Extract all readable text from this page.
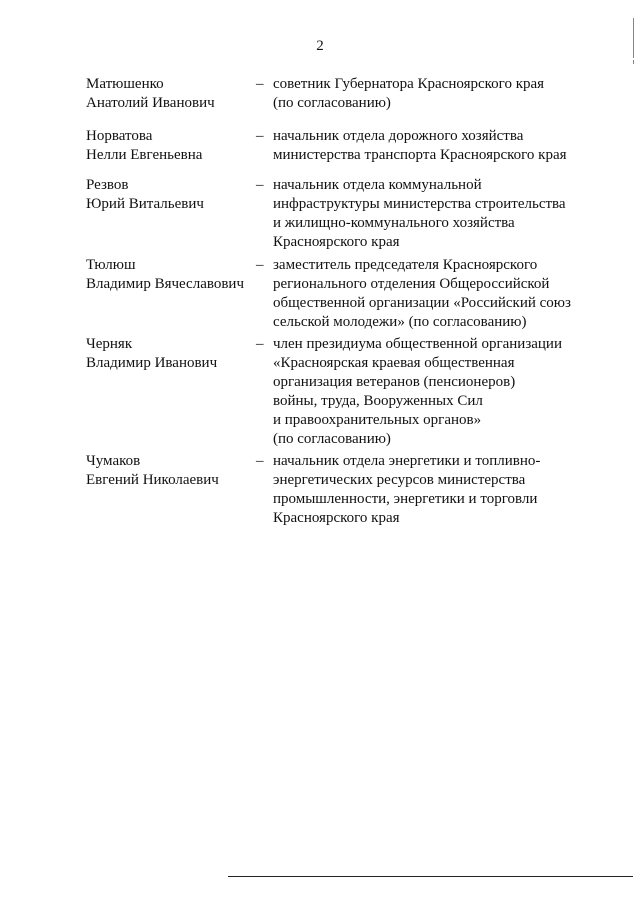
2
Матюшенко
Анатолий Иванович
– советник Губернатора Красноярского края
(по согласованию)
Норватова
Нелли Евгеньевна
– начальник отдела дорожного хозяйства
министерства транспорта Красноярского края
Резвов
Юрий Витальевич
– начальник отдела коммунальной
инфраструктуры министерства строительства
и жилищно-коммунального хозяйства
Красноярского края
Тюлюш
Владимир Вячеславович
– заместитель председателя Красноярского
регионального отделения Общероссийской
общественной организации «Российский союз
сельской молодежи» (по согласованию)
Черняк
Владимир Иванович
– член президиума общественной организации
«Красноярская краевая общественная
организация ветеранов (пенсионеров)
войны, труда, Вооруженных Сил
и правоохранительных органов»
(по согласованию)
Чумаков
Евгений Николаевич
– начальник отдела энергетики и топливно-
энергетических ресурсов министерства
промышленности, энергетики и торговли
Красноярского края
